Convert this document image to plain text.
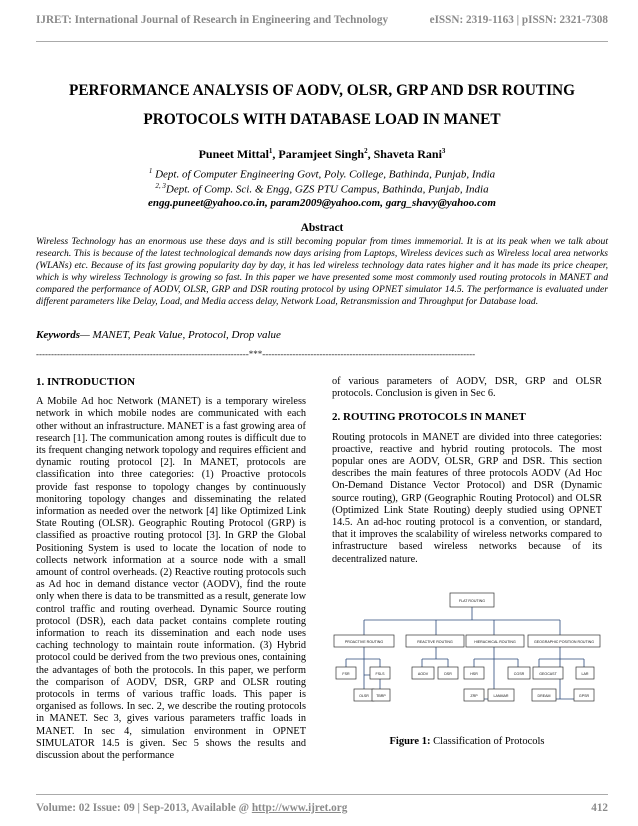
IJRET: International Journal of Research in Engineering and Technology	eISSN: 2319-1163 | pISSN: 2321-7308
PERFORMANCE ANALYSIS OF AODV, OLSR, GRP AND DSR ROUTING
PROTOCOLS WITH DATABASE LOAD IN MANET
Puneet Mittal$^1$, Paramjeet Singh$^2$, Shaveta Rani$^3$
$^1$ Dept. of Computer Engineering Govt, Poly. College, Bathinda, Punjab, India
$^{2, 3}$Dept. of Comp. Sci. & Engg, GZS PTU Campus, Bathinda, Punjab, India
engg.puneet@yahoo.co.in, param2009@yahoo.com, garg_shavy@yahoo.com
Abstract
Wireless Technology has an enormous use these days and is still becoming popular from times immemorial. It is at its peak when we talk about research. This is because of the latest technological demands now days arising from Laptops, Wireless devices such as Wireless local area networks (WLANs) etc. Because of its fast growing popularity day by day, it has led wireless technology data rates higher and it has made its price cheaper, which is why wireless Technology is growing so fast. In this paper we have presented some most commonly used routing protocols in MANET and compared the performance of AODV, OLSR, GRP and DSR routing protocol by using OPNET simulator 14.5. The performance is evaluated under different parameters like Delay, Load, and Media access delay, Network Load, Retransmission and Throughput for Database load.
Keywords— MANET, Peak Value, Protocol, Drop value
-----------------------------------------------------------------------***-----------------------------------------------------------------------
1. INTRODUCTION

A Mobile Ad hoc Network (MANET) is a temporary wireless network in which mobile nodes are communicated with each other without an infrastructure. MANET is a fast growing area of research [1]. The communication among routes is difficult due to its frequent changing network topology and requires efficient and dynamic routing protocol [2]. In MANET, protocols are classification into three categories: (1) Proactive protocols provide fast response to topology changes by continuously monitoring topology changes and disseminating the related information as needed over the network [4] like Optimized Link State Routing (OLSR). Geographic Routing Protocol (GRP) is classified as proactive routing protocol [3]. In GRP the Global Positioning System is used to locate the location of node to collects network information at a source node with a small amount of control overheads. (2) Reactive routing protocols such as Ad hoc in demand distance vector (AODV), find the route only when there is data to be transmitted as a result, generate low control traffic and routing overhead. Dynamic Source routing protocol (DSR), each data packet contains complete routing information to reach its dissemination and each node uses caching technology to maintain route information. (3) Hybrid protocol could be derived from the two previous ones, containing the advantages of both the protocols. In this paper, we perform the comparison of AODV, DSR, GRP and OLSR routing protocols in terms of various traffic loads. This paper is organised as follows. In sec. 2, we describe the routing protocols in MANET. Sec 3, gives various parameters traffic loads in MANET. In sec 4, simulation environment in OPNET SIMULATOR 14.5 is given. Sec 5 shows the results and discussion about the performance

of various parameters of AODV, DSR, GRP and OLSR protocols. Conclusion is given in Sec 6.

2. ROUTING PROTOCOLS IN MANET

Routing protocols in MANET are divided into three categories: proactive, reactive and hybrid routing protocols. The most popular ones are AODV, OLSR, GRP and DSR. This section describes the main features of three protocols AODV (Ad Hoc On-Demand Distance Vector Protocol) and DSR (Dynamic source routing), GRP (Geographic Routing Protocol) and OLSR (Optimized Link State Routing) deeply studied using OPNET 14.5. An ad-hoc routing protocol is a convention, or standard, that it improves the scalability of wireless networks compared to infrastructure based wireless networks because of its decentralized nature.

FLAT ROUTING
PROACTIVE ROUTING	REACTIVE ROUTING	HIERACHICAL ROUTING	GEOGRAPHIC POSITION ROUTING
FSR	FSLS	AODV	DSR	HSR	CGSR	GEOCAST	LAR
OLSR TBRP	ZRP	LANMAR	DREAM	GPSR
Figure 1: Classification of Protocols
Volume: 02 Issue: 09 | Sep-2013, Available @ http://www.ijret.org	412
